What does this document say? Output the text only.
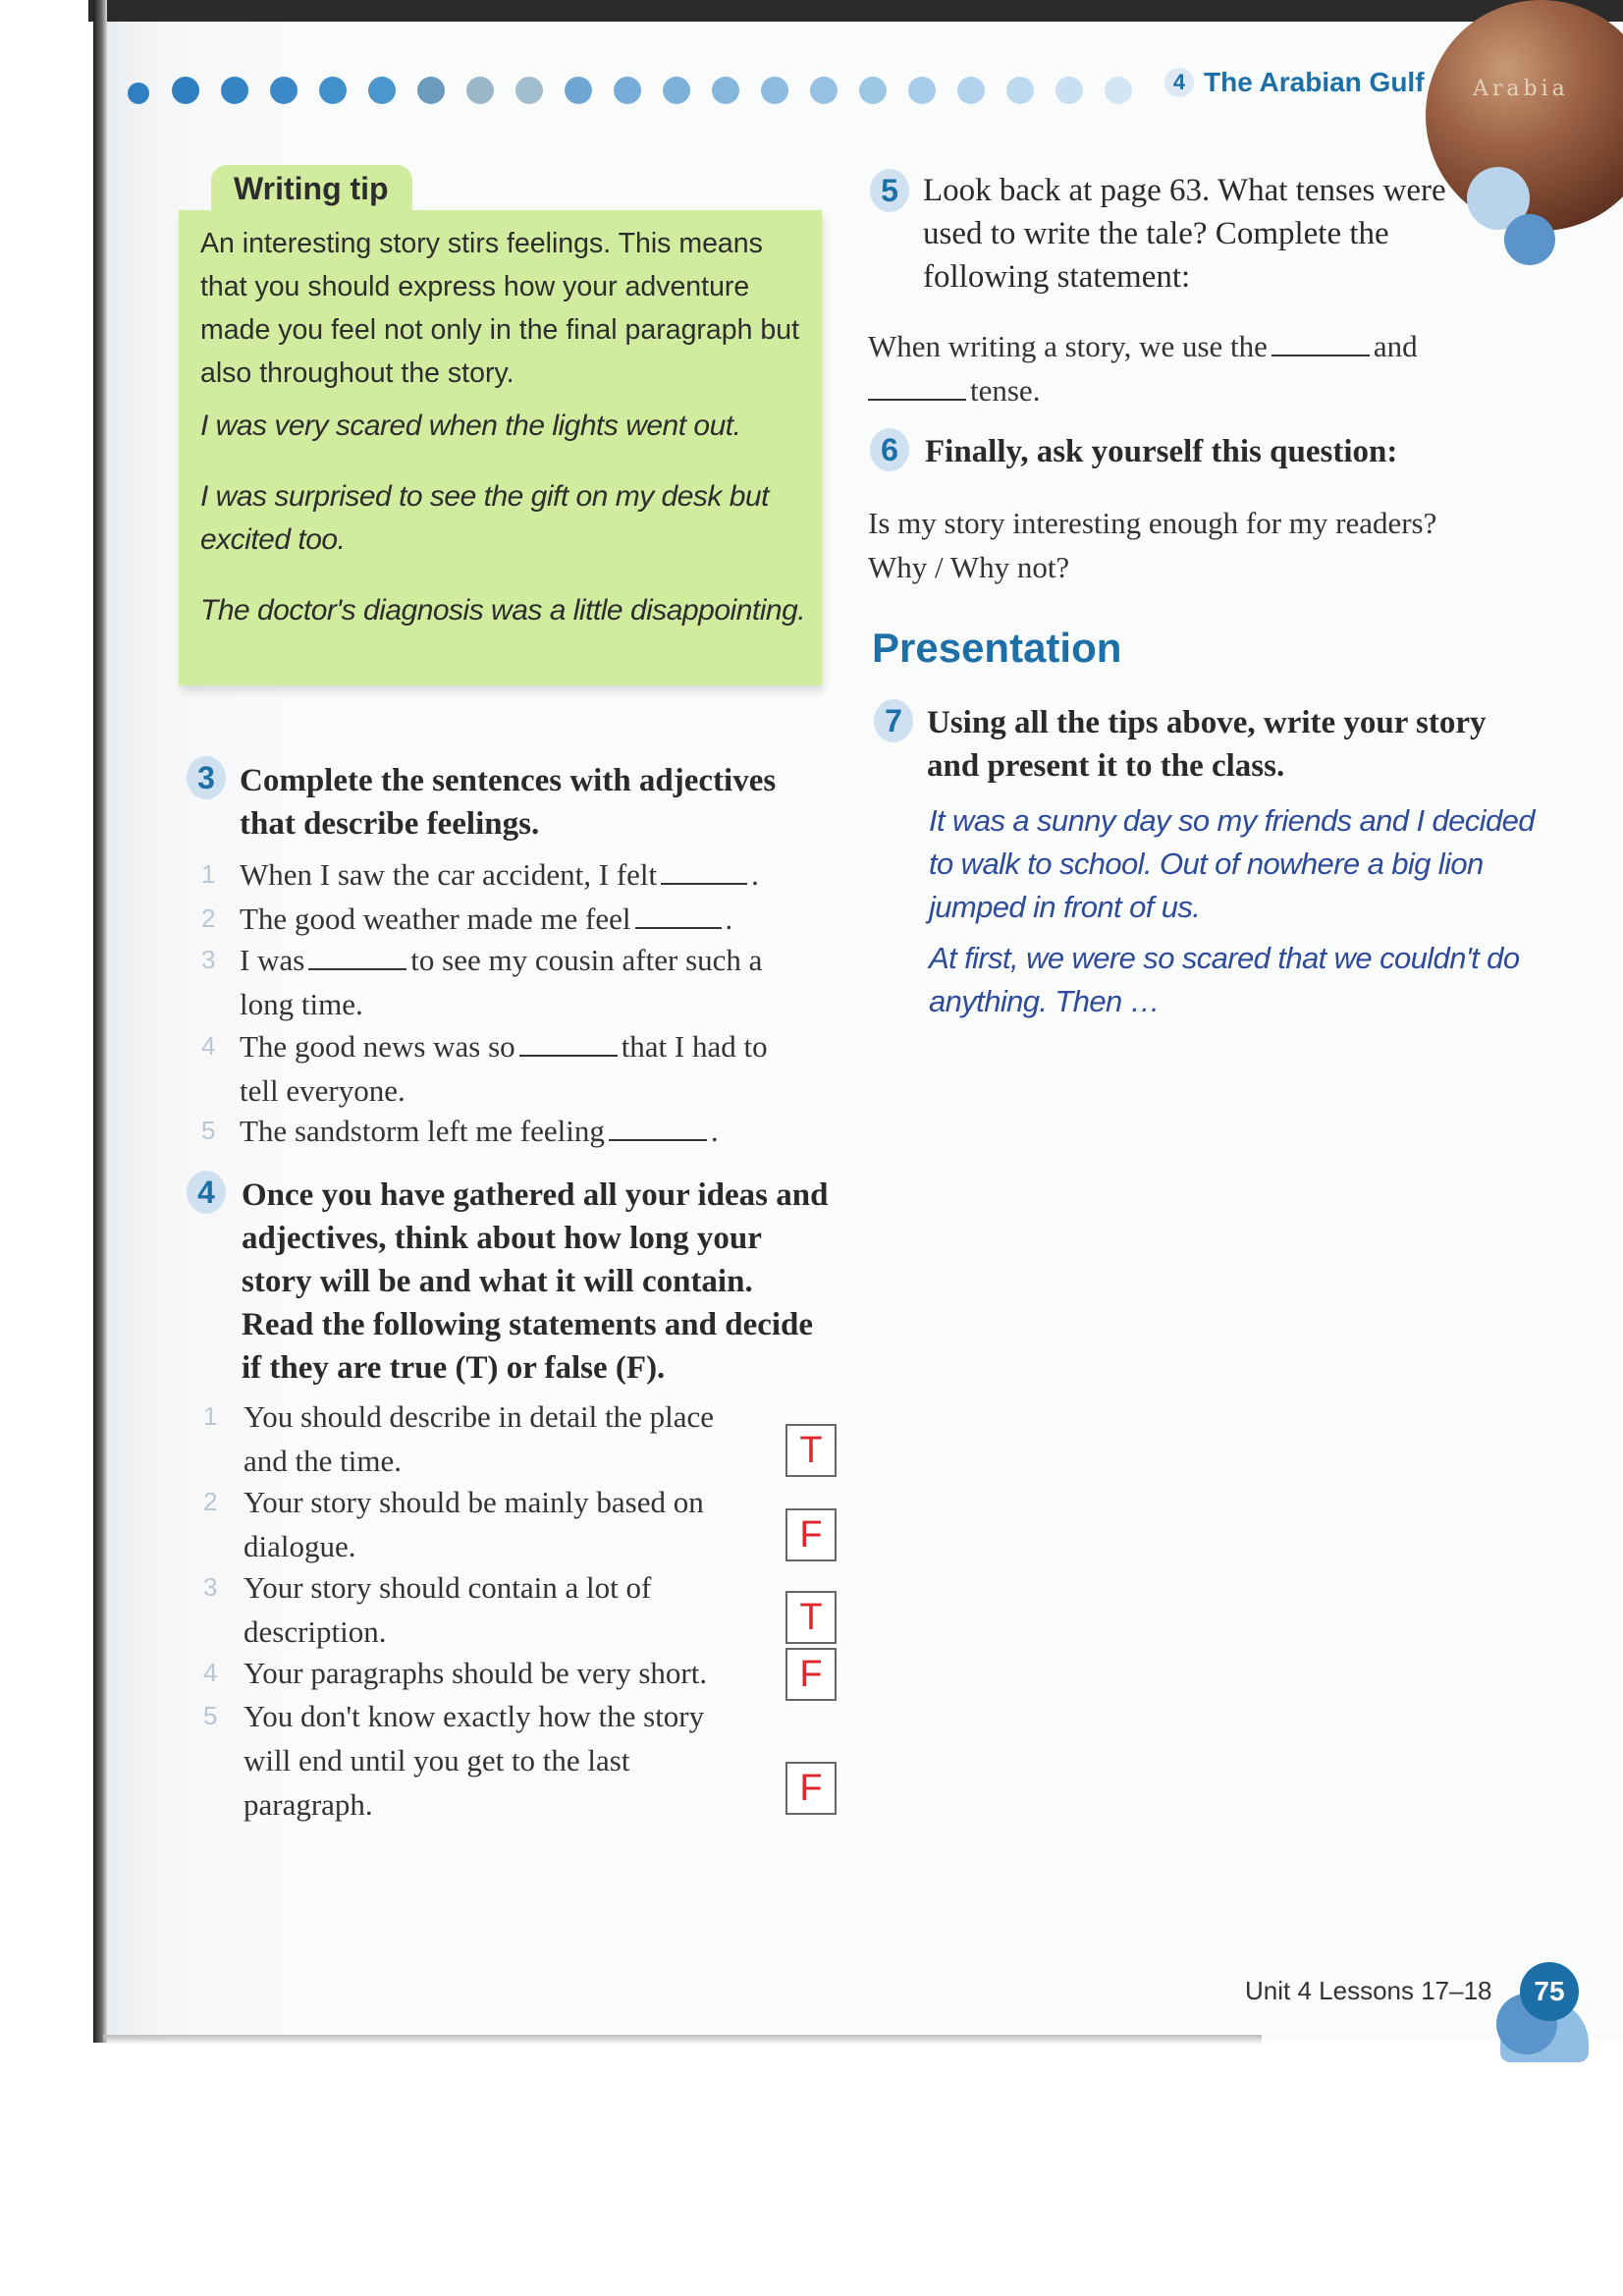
4 The Arabian Gulf Arabia
Writing tip
An interesting story stirs feelings. This means that you should express how your adventure made you feel not only in the final paragraph but also throughout the story.
I was very scared when the lights went out.
I was surprised to see the gift on my desk but excited too.
The doctor's diagnosis was a little disappointing.
3 Complete the sentences with adjectives that describe feelings.
1 When I saw the car accident, I felt	.
2 The good weather made me feel	.
3 I was	to see my cousin after such a
long time.
4 The good news was so	that I had to
tell everyone.
5 The sandstorm left me feeling	.
4 Once you have gathered all your ideas and adjectives, think about how long your story will be and what it will contain. Read the following statements and decide if they are true (T) or false (F).
1 You should describe in detail the place
and the time.	T
2 Your story should be mainly based on
dialogue.	F
3 Your story should contain a lot of
description.	T
4 Your paragraphs should be very short.	F
5 You don't know exactly how the story
will end until you get to the last
paragraph.	F
5 Look back at page 63. What tenses were used to write the tale? Complete the following statement:
When writing a story, we use the	and
tense.
6 Finally, ask yourself this question:
Is my story interesting enough for my readers?
Why / Why not?
Presentation
7 Using all the tips above, write your story and present it to the class.
It was a sunny day so my friends and I decided to walk to school. Out of nowhere a big lion jumped in front of us.
At first, we were so scared that we couldn't do anything. Then …
Unit 4 Lessons 17–18	75
